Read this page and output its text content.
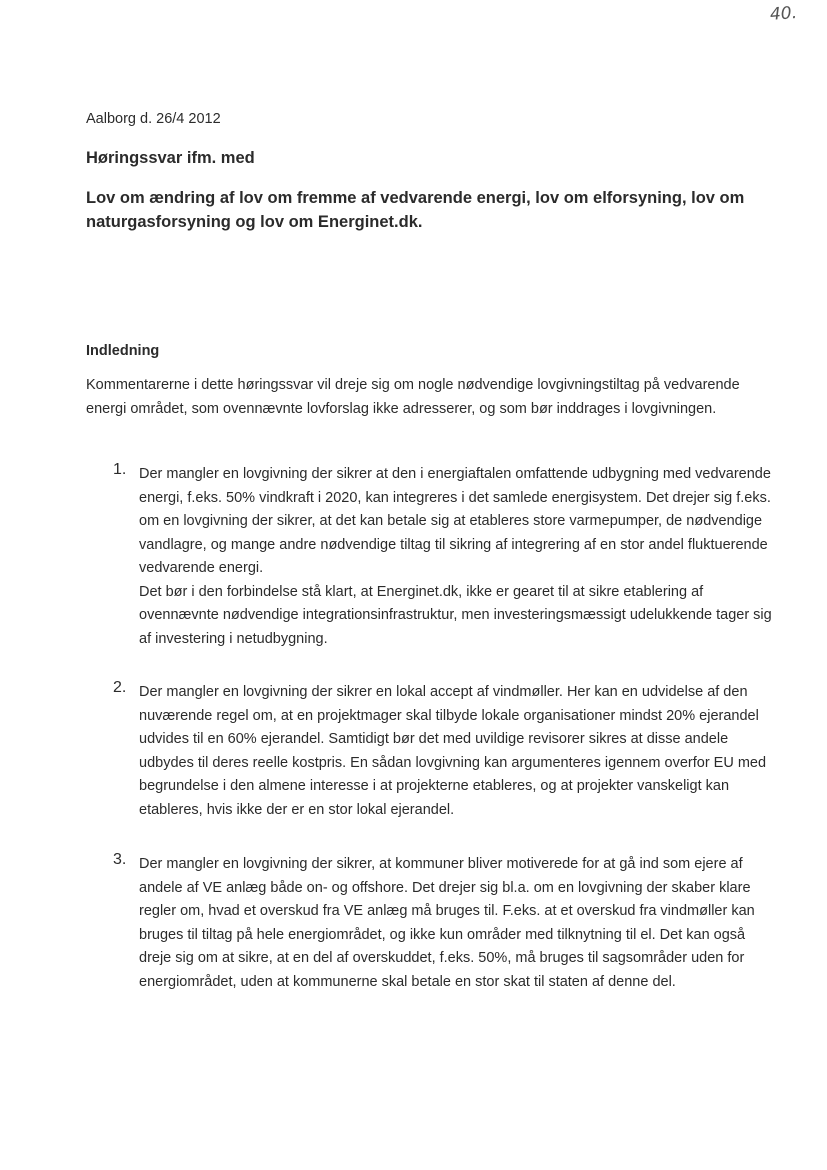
40.
Aalborg d. 26/4 2012
Høringssvar ifm. med
Lov om ændring af lov om fremme af vedvarende energi, lov om elforsyning, lov om naturgasforsyning og lov om Energinet.dk.
Indledning
Kommentarerne i dette høringssvar vil dreje sig om nogle nødvendige lovgivningstiltag på vedvarende energi området, som ovennævnte lovforslag ikke adresserer, og som bør inddrages i lovgivningen.
1. Der mangler en lovgivning der sikrer at den i energiaftalen omfattende udbygning med vedvarende energi, f.eks. 50% vindkraft i 2020, kan integreres i det samlede energisystem. Det drejer sig f.eks. om en lovgivning der sikrer, at det kan betale sig at etableres store varmepumper, de nødvendige vandlagre, og mange andre nødvendige tiltag til sikring af integrering af en stor andel fluktuerende vedvarende energi.

Det bør i den forbindelse stå klart, at Energinet.dk, ikke er gearet til at sikre etablering af ovennævnte nødvendige integrationsinfrastruktur, men investeringsmæssigt udelukkende tager sig af investering i netudbygning.

2. Der mangler en lovgivning der sikrer en lokal accept af vindmøller. Her kan en udvidelse af den nuværende regel om, at en projektmager skal tilbyde lokale organisationer mindst 20% ejerandel udvides til en 60% ejerandel. Samtidigt bør det med uvildige revisorer sikres at disse andele udbydes til deres reelle kostpris. En sådan lovgivning kan argumenteres igennem overfor EU med begrundelse i den almene interesse i at projekterne etableres, og at projekter vanskeligt kan etableres, hvis ikke der er en stor lokal ejerandel.

3. Der mangler en lovgivning der sikrer, at kommuner bliver motiverede for at gå ind som ejere af andele af VE anlæg både on- og offshore. Det drejer sig bl.a. om en lovgivning der skaber klare regler om, hvad et overskud fra VE anlæg må bruges til. F.eks. at et overskud fra vindmøller kan bruges til tiltag på hele energiområdet, og ikke kun områder med tilknytning til el. Det kan også dreje sig om at sikre, at en del af overskuddet, f.eks. 50%, må bruges til sagsområder uden for energiområdet, uden at kommunerne skal betale en stor skat til staten af denne del.
